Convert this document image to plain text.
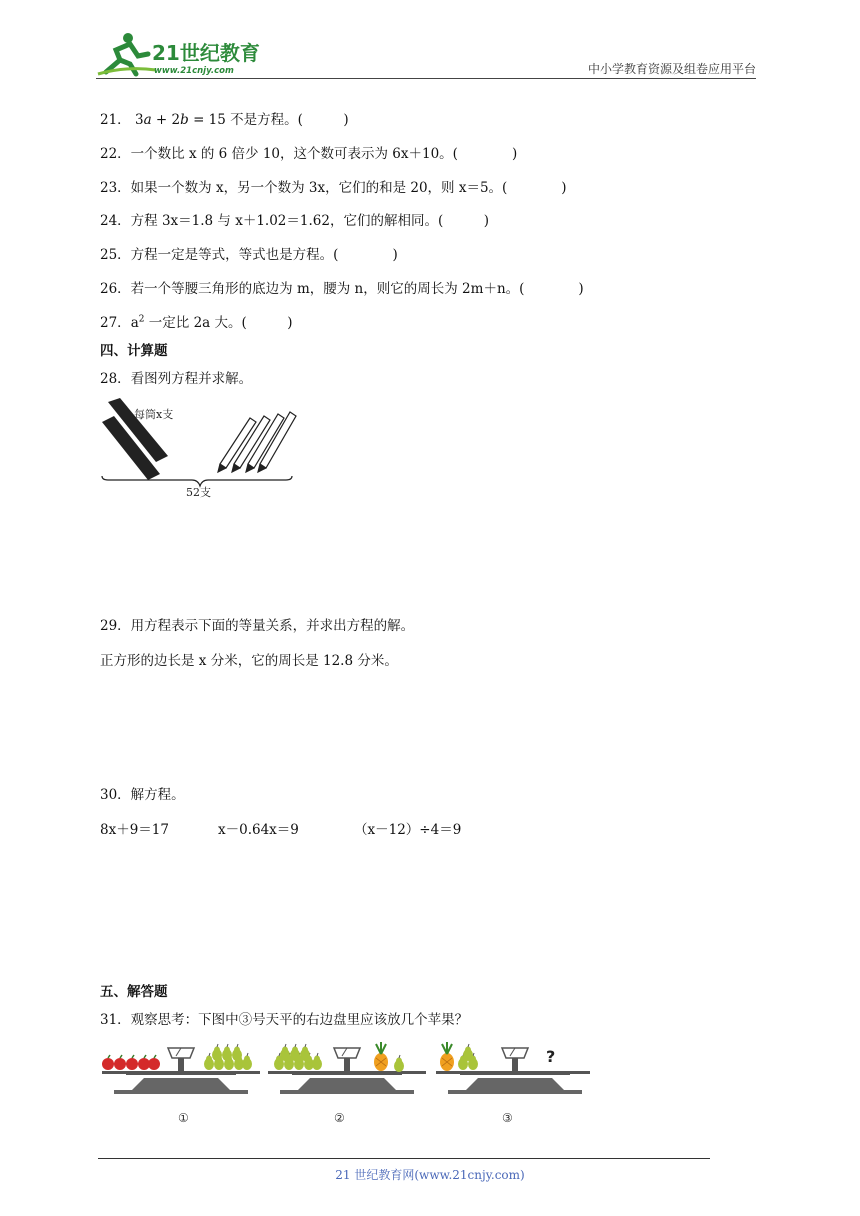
21世纪教育
www.21cnjy.com	中小学教育资源及组卷应用平台
21． 3a + 2b = 15 不是方程。(　　　)
22．一个数比 x 的 6 倍少 10，这个数可表示为 6x＋10。(　　　　)
23．如果一个数为 x，另一个数为 3x，它们的和是 20，则 x＝5。(　　　　)
24．方程 3x＝1.8 与 x＋1.02＝1.62，它们的解相同。(　　　)
25．方程一定是等式，等式也是方程。(　　　　)
26．若一个等腰三角形的底边为 m，腰为 n，则它的周长为 2m＋n。(　　　　)
27．$a^2$ 一定比 2a 大。(　　　)
四、计算题
28．看图列方程并求解。
每筒x支
52支
29．用方程表示下面的等量关系，并求出方程的解。
正方形的边长是 x 分米，它的周长是 12.8 分米。
30．解方程。
8x＋9＝17	x－0.64x＝9	（x－12）÷4＝9
五、解答题
31．观察思考：下图中③号天平的右边盘里应该放几个苹果？
①	②
?
③
21 世纪教育网(www.21cnjy.com)
